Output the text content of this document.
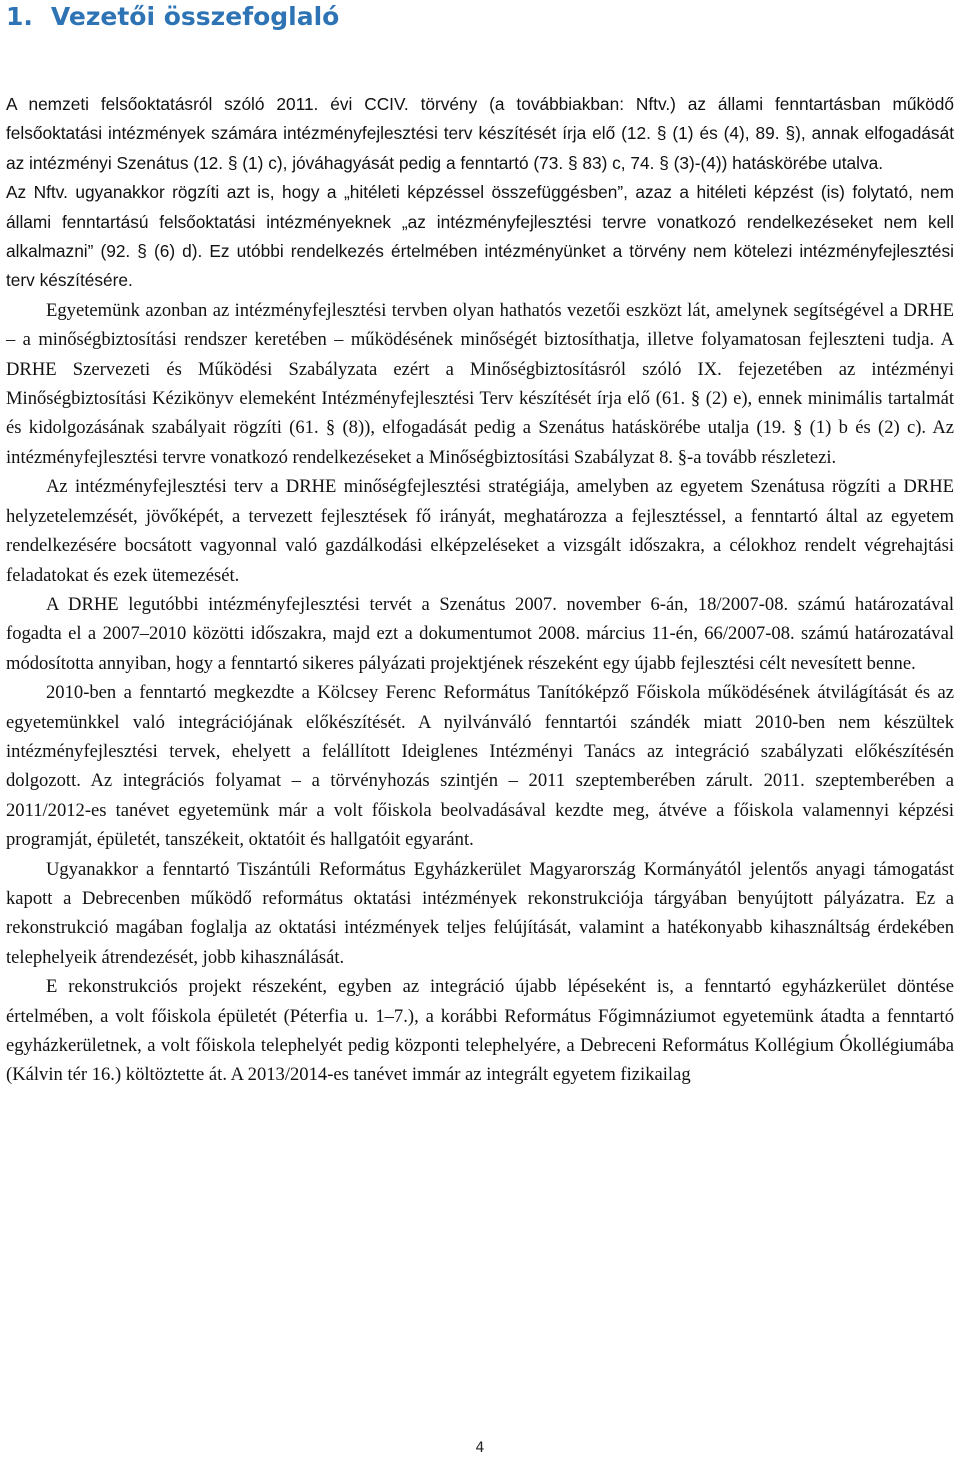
1. Vezetői összefoglaló

A nemzeti felsőoktatásról szóló 2011. évi CCIV. törvény (a továbbiakban: Nftv.) az állami fenntartásban működő felsőoktatási intézmények számára intézményfejlesztési terv készítését írja elő (12. § (1) és (4), 89. §), annak elfogadását az intézményi Szenátus (12. § (1) c), jóváhagyását pedig a fenntartó (73. § 83) c, 74. § (3)-(4)) hatáskörébe utalva.

Az Nftv. ugyanakkor rögzíti azt is, hogy a „hitéleti képzéssel összefüggésben”, azaz a hitéleti képzést (is) folytató, nem állami fenntartású felsőoktatási intézményeknek „az intézményfejlesztési tervre vonatkozó rendelkezéseket nem kell alkalmazni” (92. § (6) d). Ez utóbbi rendelkezés értelmében intézményünket a törvény nem kötelezi intézményfejlesztési terv készítésére.

Egyetemünk azonban az intézményfejlesztési tervben olyan hathatós vezetői eszközt lát, amelynek segítségével a DRHE – a minőségbiztosítási rendszer keretében – működésének minőségét biztosíthatja, illetve folyamatosan fejleszteni tudja. A DRHE Szervezeti és Működési Szabályzata ezért a Minőségbiztosításról szóló IX. fejezetében az intézményi Minőségbiztosítási Kézikönyv elemeként Intézményfejlesztési Terv készítését írja elő (61. § (2) e), ennek minimális tartalmát és kidolgozásának szabályait rögzíti (61. § (8)), elfogadását pedig a Szenátus hatáskörébe utalja (19. § (1) b és (2) c). Az intézményfejlesztési tervre vonatkozó rendelkezéseket a Minőségbiztosítási Szabályzat 8. §-a tovább részletezi.

Az intézményfejlesztési terv a DRHE minőségfejlesztési stratégiája, amelyben az egyetem Szenátusa rögzíti a DRHE helyzetelemzését, jövőképét, a tervezett fejlesztések fő irányát, meghatározza a fejlesztéssel, a fenntartó által az egyetem rendelkezésére bocsátott vagyonnal való gazdálkodási elképzeléseket a vizsgált időszakra, a célokhoz rendelt végrehajtási feladatokat és ezek ütemezését.

A DRHE legutóbbi intézményfejlesztési tervét a Szenátus 2007. november 6-án, 18/2007-08. számú határozatával fogadta el a 2007–2010 közötti időszakra, majd ezt a dokumentumot 2008. március 11-én, 66/2007-08. számú határozatával módosította annyiban, hogy a fenntartó sikeres pályázati projektjének részeként egy újabb fejlesztési célt nevesített benne.

2010-ben a fenntartó megkezdte a Kölcsey Ferenc Református Tanítóképző Főiskola működésének átvilágítását és az egyetemünkkel való integrációjának előkészítését. A nyilvánváló fenntartói szándék miatt 2010-ben nem készültek intézményfejlesztési tervek, ehelyett a felállított Ideiglenes Intézményi Tanács az integráció szabályzati előkészítésén dolgozott. Az integrációs folyamat – a törvényhozás szintjén – 2011 szeptemberében zárult. 2011. szeptemberében a 2011/2012-es tanévet egyetemünk már a volt főiskola beolvadásával kezdte meg, átvéve a főiskola valamennyi képzési programját, épületét, tanszékeit, oktatóit és hallgatóit egyaránt.

Ugyanakkor a fenntartó Tiszántúli Református Egyházkerület Magyarország Kormányától jelentős anyagi támogatást kapott a Debrecenben működő református oktatási intézmények rekonstrukciója tárgyában benyújtott pályázatra. Ez a rekonstrukció magában foglalja az oktatási intézmények teljes felújítását, valamint a hatékonyabb kihasználtság érdekében telephelyeik átrendezését, jobb kihasználását.

E rekonstrukciós projekt részeként, egyben az integráció újabb lépéseként is, a fenntartó egyházkerület döntése értelmében, a volt főiskola épületét (Péterfia u. 1–7.), a korábbi Református Főgimnáziumot egyetemünk átadta a fenntartó egyházkerületnek, a volt főiskola telephelyét pedig központi telephelyére, a Debreceni Református Kollégium Ókollégiumába (Kálvin tér 16.) költöztette át. A 2013/2014-es tanévet immár az integrált egyetem fizikailag

4
